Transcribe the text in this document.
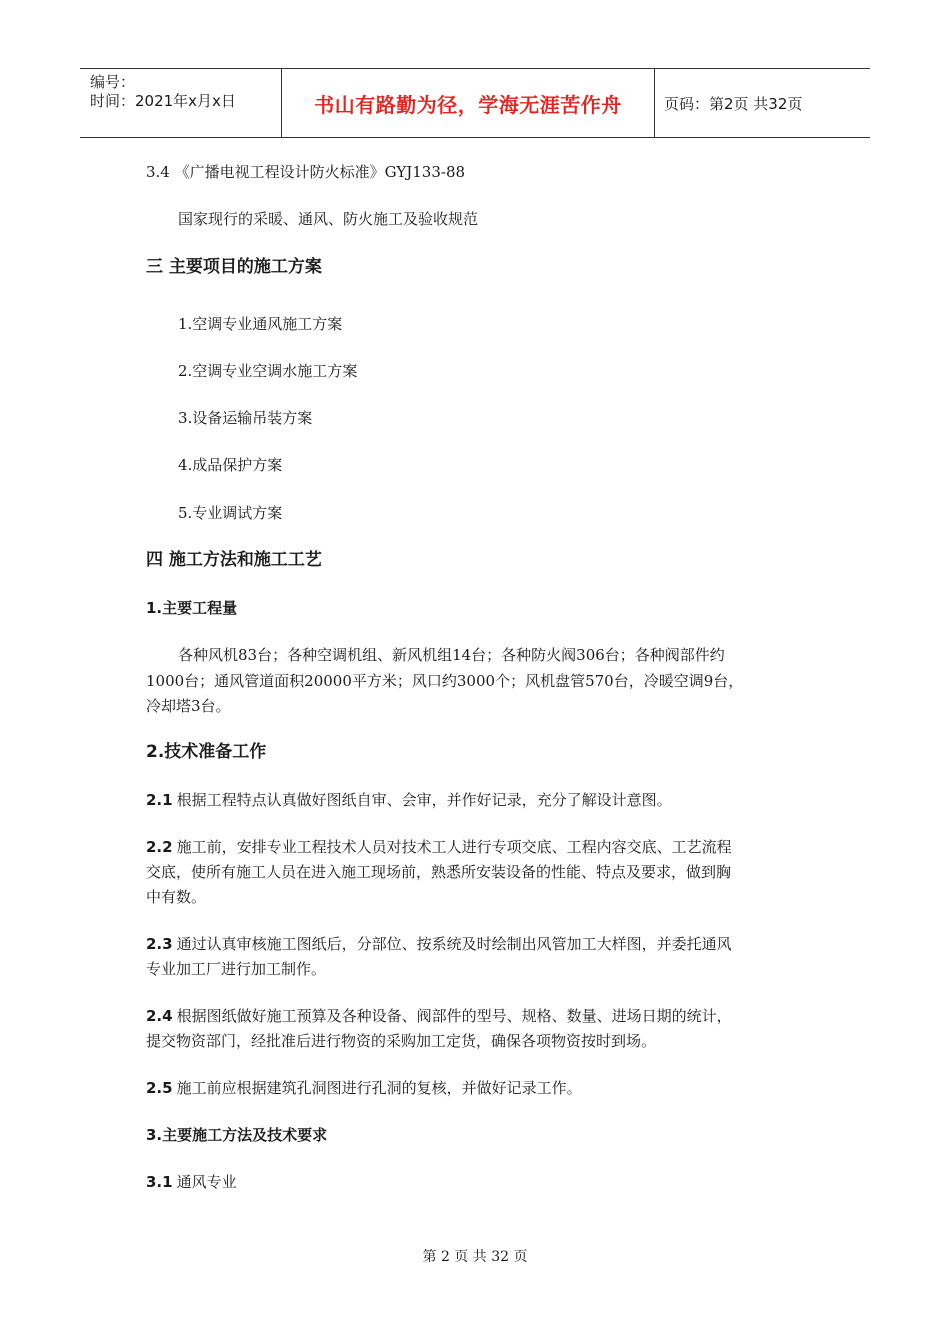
编号：
时间：2021年x月x日	书山有路勤为径，学海无涯苦作舟	页码：第2页 共32页
3.4 《广播电视工程设计防火标准》GYJ133-88
国家现行的采暖、通风、防火施工及验收规范
三 主要项目的施工方案
1.空调专业通风施工方案
2.空调专业空调水施工方案
3.设备运输吊装方案
4.成品保护方案
5.专业调试方案
四 施工方法和施工工艺
1.主要工程量
各种风机83台；各种空调机组、新风机组14台；各种防火阀306台；各种阀部件约
1000台；通风管道面积20000平方米；风口约3000个；风机盘管570台，冷暖空调9台，
冷却塔3台。
2.技术准备工作
2.1 根据工程特点认真做好图纸自审、会审，并作好记录，充分了解设计意图。
2.2 施工前，安排专业工程技术人员对技术工人进行专项交底、工程内容交底、工艺流程
交底，使所有施工人员在进入施工现场前，熟悉所安装设备的性能、特点及要求，做到胸
中有数。
2.3 通过认真审核施工图纸后，分部位、按系统及时绘制出风管加工大样图，并委托通风
专业加工厂进行加工制作。
2.4 根据图纸做好施工预算及各种设备、阀部件的型号、规格、数量、进场日期的统计，
提交物资部门，经批准后进行物资的采购加工定货，确保各项物资按时到场。
2.5 施工前应根据建筑孔洞图进行孔洞的复核，并做好记录工作。
3.主要施工方法及技术要求
3.1 通风专业
第 2 页 共 32 页
